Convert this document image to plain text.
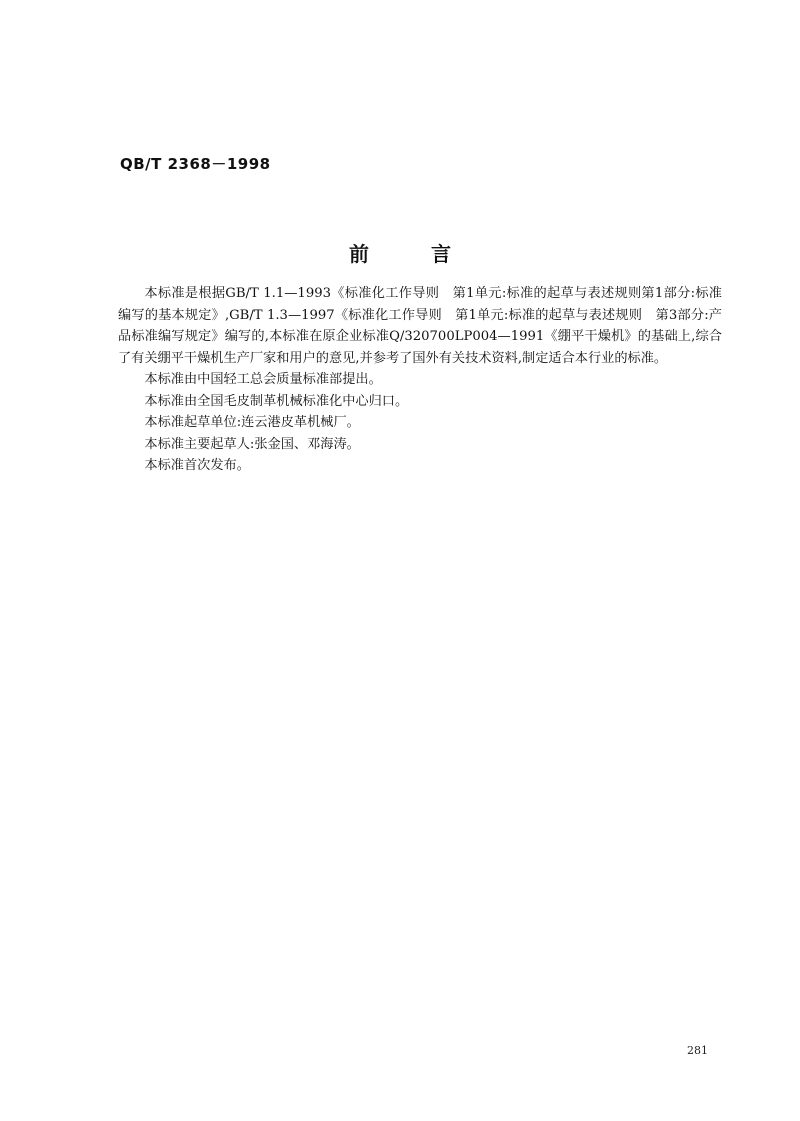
QB/T 2368－1998
前	言

本标准是根据GB/T 1.1—1993《标准化工作导则　第1单元:标准的起草与表述规则第1部分:标准编写的基本规定》,GB/T 1.3—1997《标准化工作导则　第1单元:标准的起草与表述规则　第3部分:产品标准编写规定》编写的,本标准在原企业标准Q/320700LP004—1991《绷平干燥机》的基础上,综合了有关绷平干燥机生产厂家和用户的意见,并参考了国外有关技术资料,制定适合本行业的标准。

本标准由中国轻工总会质量标准部提出。

本标准由全国毛皮制革机械标准化中心归口。

本标准起草单位:连云港皮革机械厂。

本标准主要起草人:张金国、邓海涛。

本标准首次发布。

281
